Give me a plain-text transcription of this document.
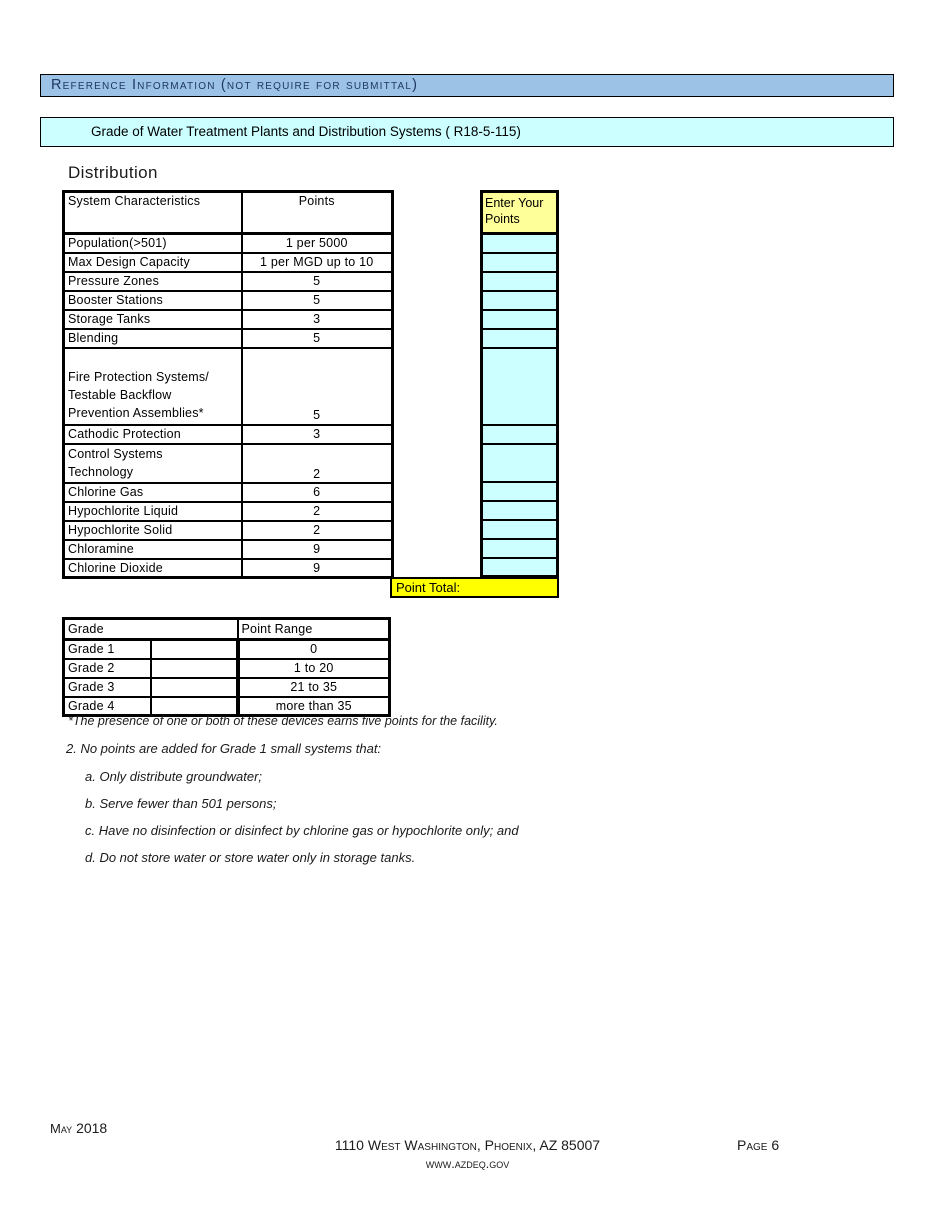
Reference Information (not require for submittal)
Grade of Water Treatment Plants and Distribution Systems ( R18-5-115)
Distribution
System Characteristics	Points
Population(>501)	1 per 5000
Max Design Capacity	1 per MGD up to 10
Pressure Zones	5
Booster Stations	5
Storage Tanks	3
Blending	5

Fire Protection Systems/
Testable Backflow
Prevention Assemblies*	5
Cathodic Protection	3

Control Systems
Technology	2
Chlorine Gas	6
Hypochlorite Liquid	2
Hypochlorite Solid	2
Chloramine	9
Chlorine Dioxide	9
Enter Your Points

Point Total:
Grade		Point Range
Grade 1		0
Grade 2		1 to 20
Grade 3		21 to 35
Grade 4		more than 35
*The presence of one or both of these devices earns five points for the facility.
2. No points are added for Grade 1 small systems that:
a. Only distribute groundwater;
b. Serve fewer than 501 persons;
c. Have no disinfection or disinfect by chlorine gas or hypochlorite only; and
d. Do not store water or store water only in storage tanks.
May 2018
1110 West Washington, Phoenix, AZ 85007	Page 6
www.azdeq.gov
